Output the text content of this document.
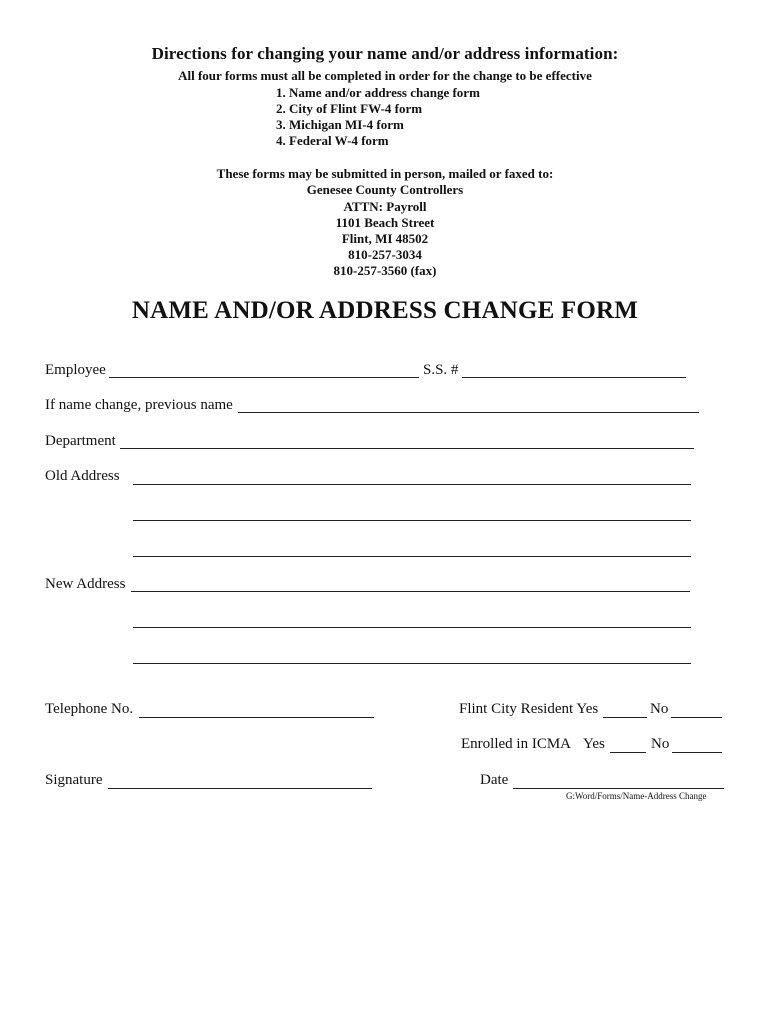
Directions for changing your name and/or address information:
All four forms must all be completed in order for the change to be effective
1. Name and/or address change form
2. City of Flint FW-4 form
3. Michigan MI-4 form
4. Federal W-4 form
These forms may be submitted in person, mailed or faxed to:
Genesee County Controllers
ATTN: Payroll
1101 Beach Street
Flint, MI 48502
810-257-3034
810-257-3560 (fax)
NAME AND/OR ADDRESS CHANGE FORM
Employee	S.S. #
If name change, previous name
Department
Old Address
New Address
Telephone No.	Flint City Resident Yes	No
Enrolled in ICMA Yes	No
Signature	Date
G:Word/Forms/Name-Address Change
